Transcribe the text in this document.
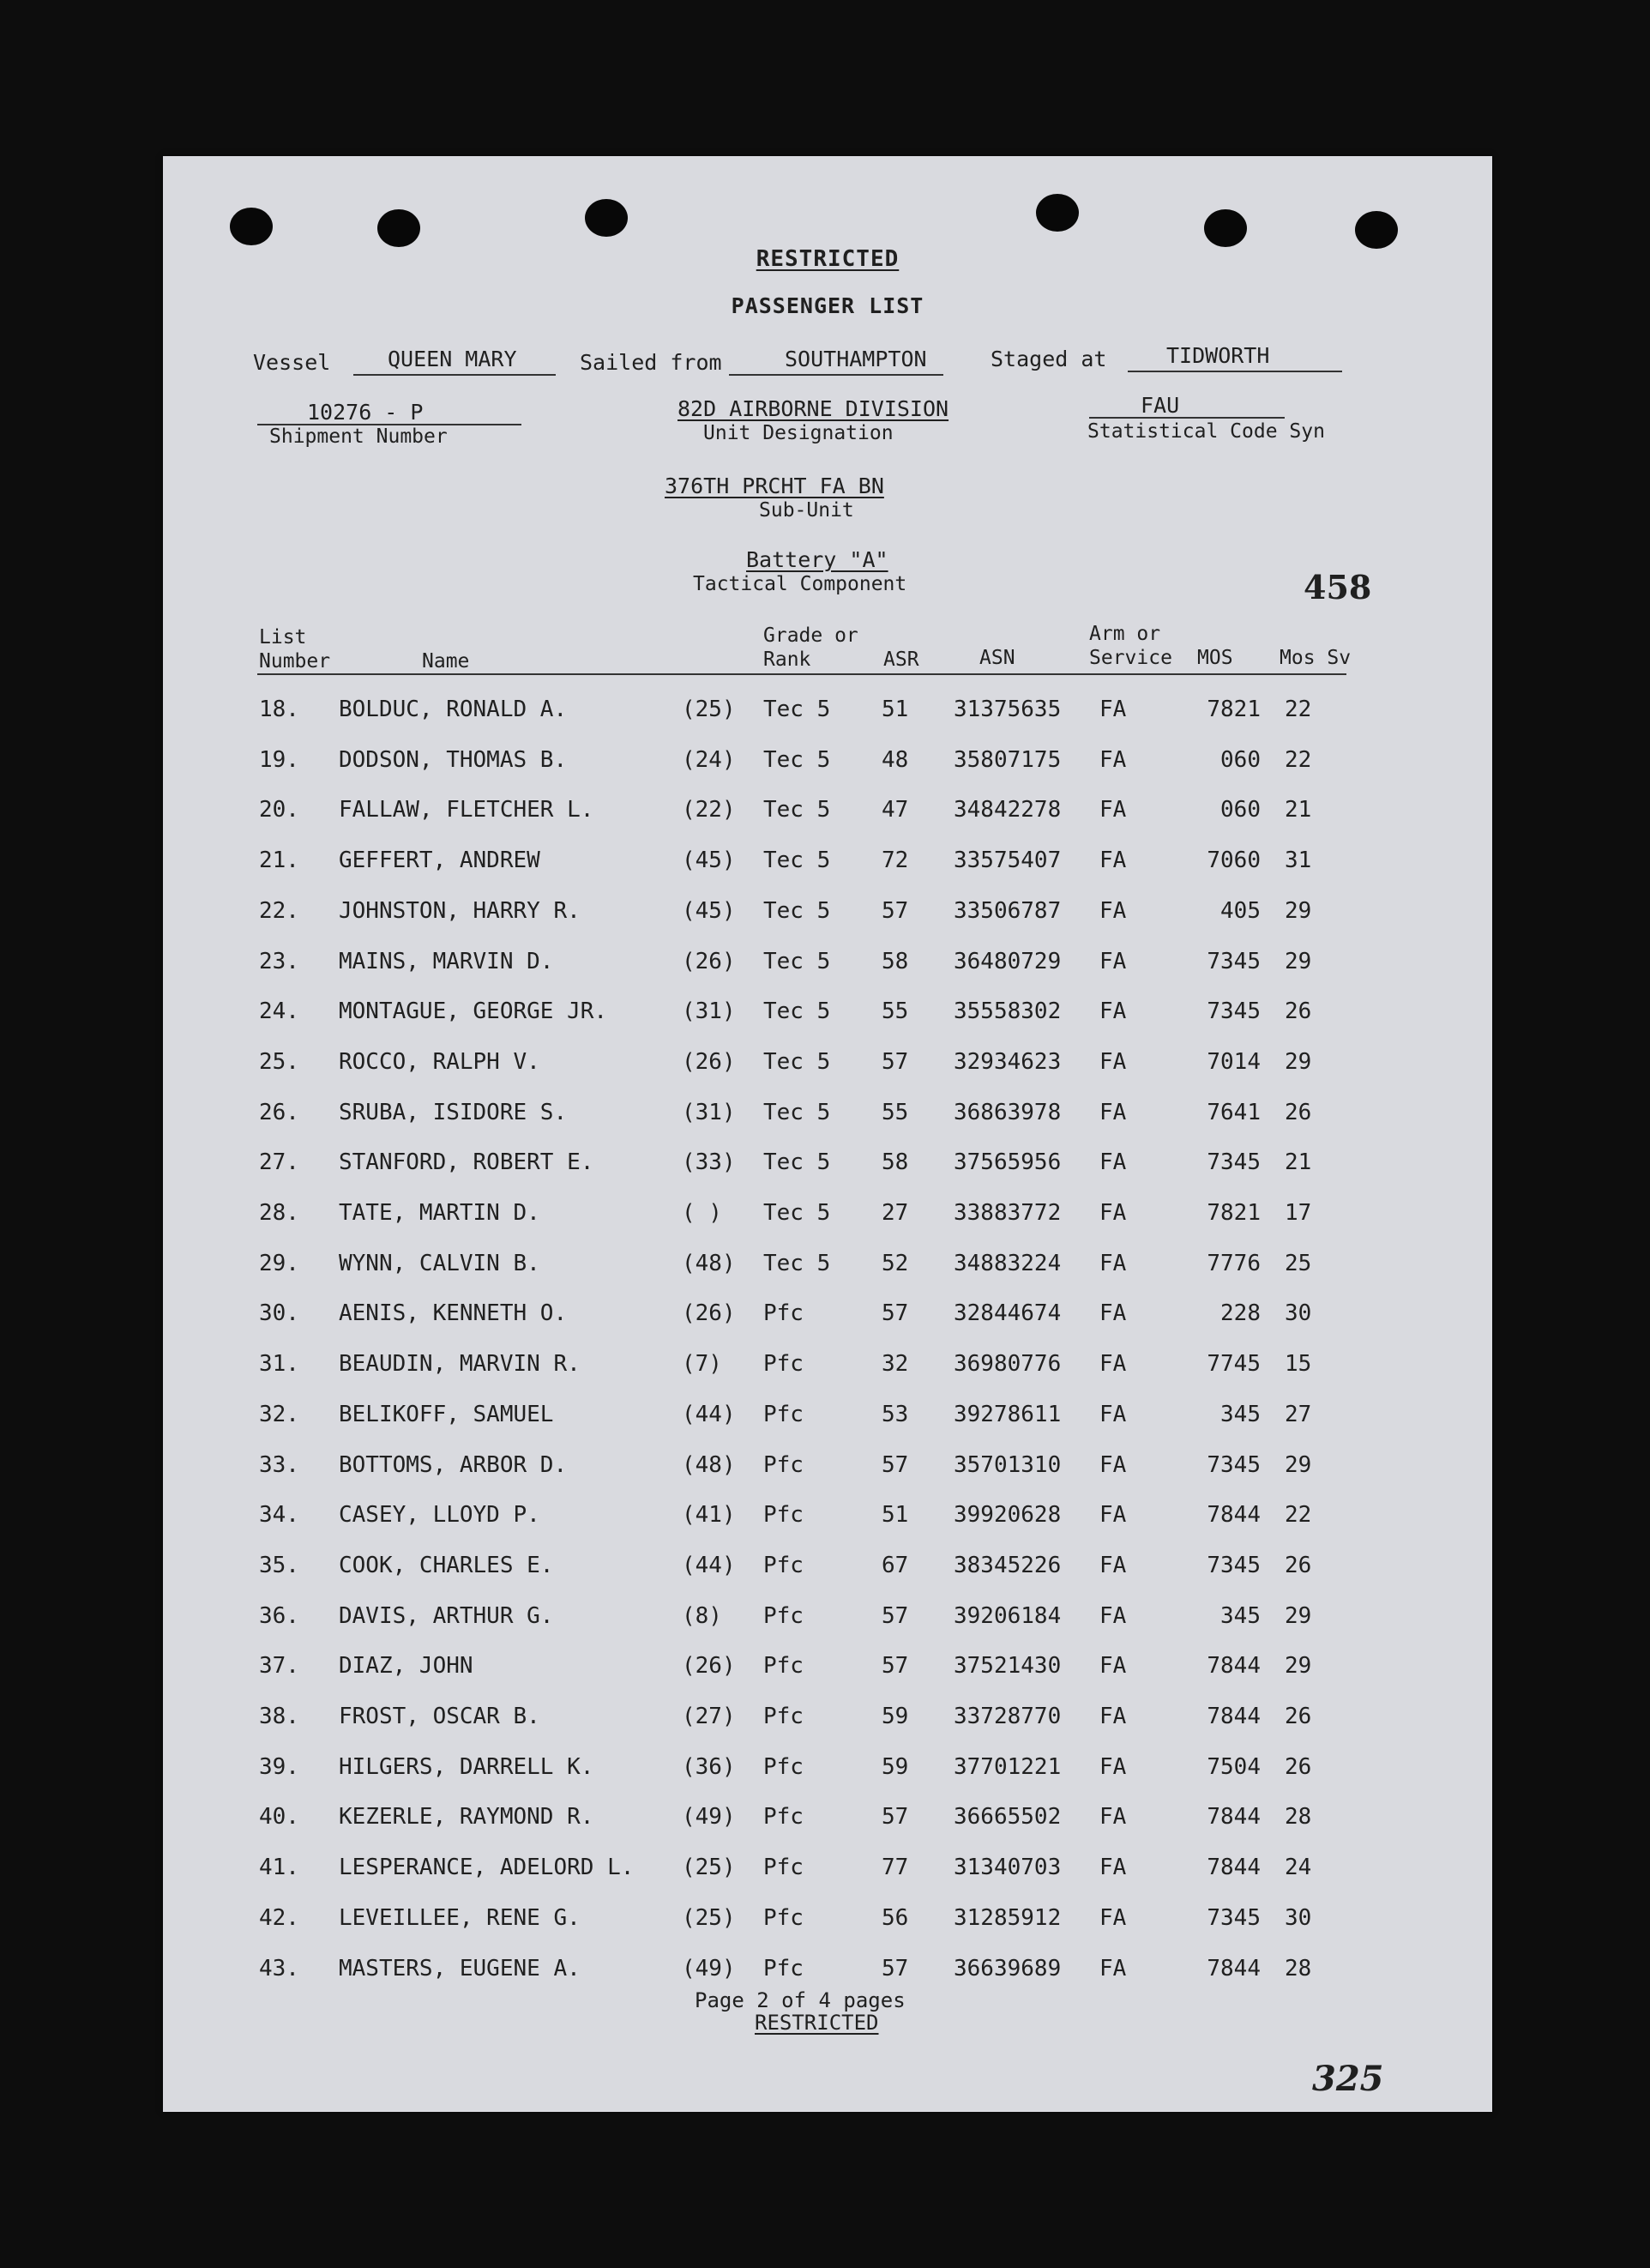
RESTRICTED
PASSENGER LIST
Vessel	QUEEN MARY	Sailed from	SOUTHAMPTON	Staged at	TIDWORTH
10276 - P
Shipment Number
82D AIRBORNE DIVISION
Unit Designation
FAU
Statistical Code Syn
376TH PRCHT FA BN
Sub-Unit
Battery "A"
Tactical Component	458
List
Number	Name
Grade or
Rank	ASR	ASN
Arm or
Service MOS Mos Sv
18.	BOLDUC, RONALD A.	(25)	Tec 5	51	31375635	FA	7821 22
19.	DODSON, THOMAS B.	(24)	Tec 5	48	35807175	FA	060 22
20.	FALLAW, FLETCHER L.	(22)	Tec 5	47	34842278	FA	060 21
21.	GEFFERT, ANDREW	(45)	Tec 5	72	33575407	FA	7060 31
22.	JOHNSTON, HARRY R.	(45)	Tec 5	57	33506787	FA	405 29
23.	MAINS, MARVIN D.	(26)	Tec 5	58	36480729	FA	7345 29
24.	MONTAGUE, GEORGE JR.	(31)	Tec 5	55	35558302	FA	7345 26
25.	ROCCO, RALPH V.	(26)	Tec 5	57	32934623	FA	7014 29
26.	SRUBA, ISIDORE S.	(31)	Tec 5	55	36863978	FA	7641 26
27.	STANFORD, ROBERT E.	(33)	Tec 5	58	37565956	FA	7345 21
28.	TATE, MARTIN D.	( )	Tec 5	27	33883772	FA	7821 17
29.	WYNN, CALVIN B.	(48)	Tec 5	52	34883224	FA	7776 25
30.	AENIS, KENNETH O.	(26)	Pfc	57	32844674	FA	228 30
31.	BEAUDIN, MARVIN R.	(7)	Pfc	32	36980776	FA	7745 15
32.	BELIKOFF, SAMUEL	(44)	Pfc	53	39278611	FA	345 27
33.	BOTTOMS, ARBOR D.	(48)	Pfc	57	35701310	FA	7345 29
34.	CASEY, LLOYD P.	(41)	Pfc	51	39920628	FA	7844 22
35.	COOK, CHARLES E.	(44)	Pfc	67	38345226	FA	7345 26
36.	DAVIS, ARTHUR G.	(8)	Pfc	57	39206184	FA	345 29
37.	DIAZ, JOHN	(26)	Pfc	57	37521430	FA	7844 29
38.	FROST, OSCAR B.	(27)	Pfc	59	33728770	FA	7844 26
39.	HILGERS, DARRELL K.	(36)	Pfc	59	37701221	FA	7504 26
40.	KEZERLE, RAYMOND R.	(49)	Pfc	57	36665502	FA	7844 28
41.	LESPERANCE, ADELORD L.	(25)	Pfc	77	31340703	FA	7844 24
42.	LEVEILLEE, RENE G.	(25)	Pfc	56	31285912	FA	7345 30
43.	MASTERS, EUGENE A.	(49)	Pfc	57	36639689	FA	7844 28
Page 2 of 4 pages
RESTRICTED
325
